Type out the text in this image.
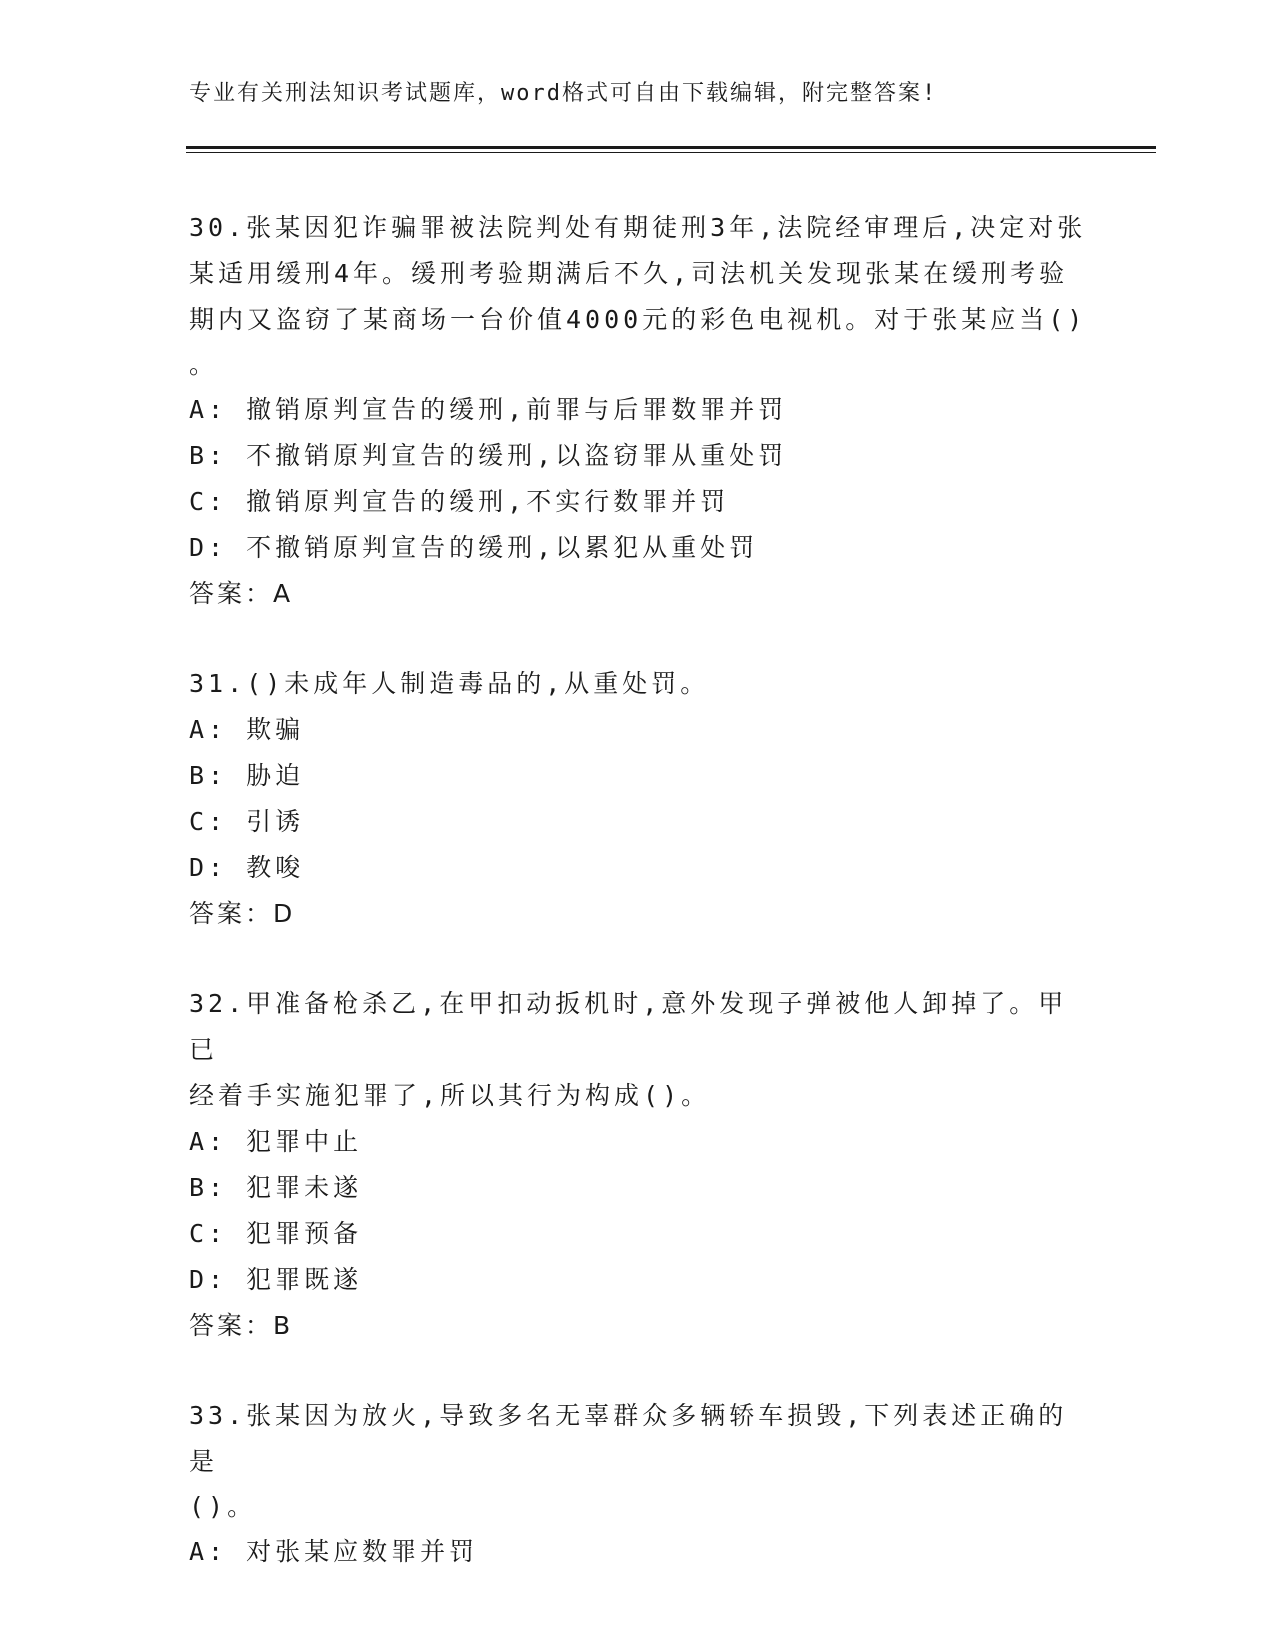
专业有关刑法知识考试题库，word格式可自由下载编辑，附完整答案!
30.张某因犯诈骗罪被法院判处有期徒刑3年,法院经审理后,决定对张
某适用缓刑4年。缓刑考验期满后不久,司法机关发现张某在缓刑考验
期内又盗窃了某商场一台价值4000元的彩色电视机。对于张某应当()
。
A: 撤销原判宣告的缓刑,前罪与后罪数罪并罚
B: 不撤销原判宣告的缓刑,以盗窃罪从重处罚
C: 撤销原判宣告的缓刑,不实行数罪并罚
D: 不撤销原判宣告的缓刑,以累犯从重处罚
答案：A
31.()未成年人制造毒品的,从重处罚。
A: 欺骗
B: 胁迫
C: 引诱
D: 教唆
答案：D
32.甲准备枪杀乙,在甲扣动扳机时,意外发现子弹被他人卸掉了。甲已
经着手实施犯罪了,所以其行为构成()。
A: 犯罪中止
B: 犯罪未遂
C: 犯罪预备
D: 犯罪既遂
答案：B
33.张某因为放火,导致多名无辜群众多辆轿车损毁,下列表述正确的是
()。
A: 对张某应数罪并罚
